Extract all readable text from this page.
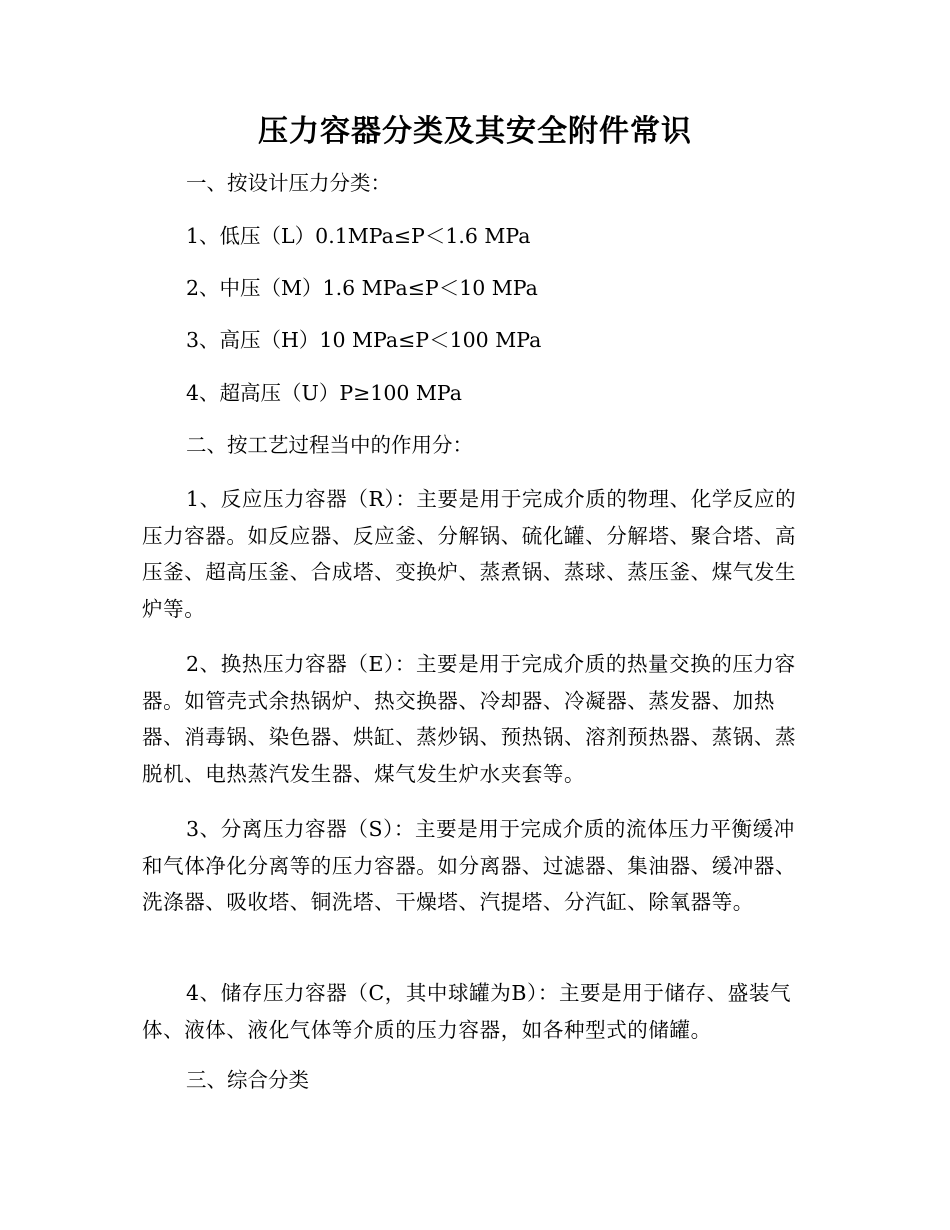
压力容器分类及其安全附件常识
一、按设计压力分类：
1、低压（L）0.1MPa≤P＜1.6 MPa
2、中压（M）1.6 MPa≤P＜10 MPa
3、高压（H）10 MPa≤P＜100 MPa
4、超高压（U）P≥100 MPa
二、按工艺过程当中的作用分：
1、反应压力容器（R）：主要是用于完成介质的物理、化学反应的压力容器。如反应器、反应釜、分解锅、硫化罐、分解塔、聚合塔、高压釜、超高压釜、合成塔、变换炉、蒸煮锅、蒸球、蒸压釜、煤气发生炉等。
2、换热压力容器（E）：主要是用于完成介质的热量交换的压力容器。如管壳式余热锅炉、热交换器、冷却器、冷凝器、蒸发器、加热器、消毒锅、染色器、烘缸、蒸炒锅、预热锅、溶剂预热器、蒸锅、蒸脱机、电热蒸汽发生器、煤气发生炉水夹套等。
3、分离压力容器（S）：主要是用于完成介质的流体压力平衡缓冲和气体净化分离等的压力容器。如分离器、过滤器、集油器、缓冲器、洗涤器、吸收塔、铜洗塔、干燥塔、汽提塔、分汽缸、除氧器等。
4、储存压力容器（C，其中球罐为B）：主要是用于储存、盛装气体、液体、液化气体等介质的压力容器，如各种型式的储罐。
三、综合分类
